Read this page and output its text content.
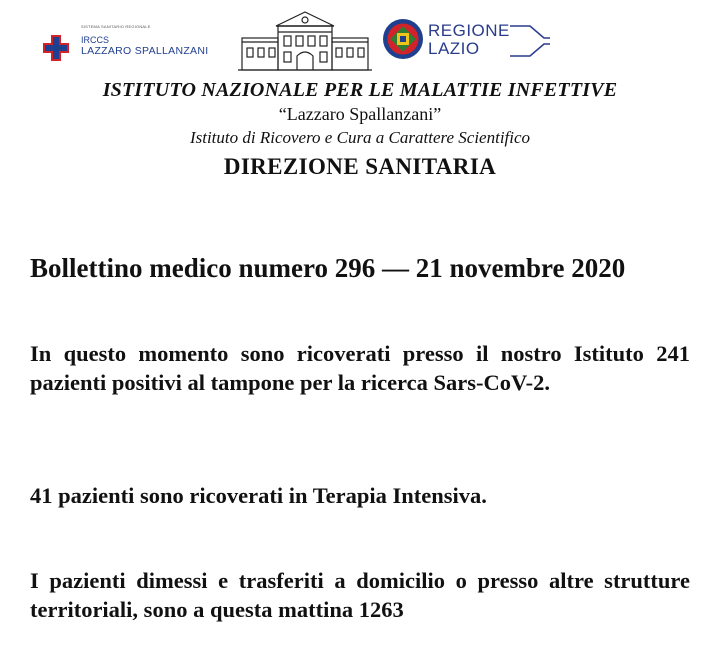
SISTEMA SANITARIO REGIONALE
IRCCS
LAZZARO SPALLANZANI
REGIONE
LAZIO
ISTITUTO NAZIONALE PER LE MALATTIE INFETTIVE
“Lazzaro Spallanzani”
Istituto di Ricovero e Cura a Carattere Scientifico
DIREZIONE SANITARIA
Bollettino medico numero 296 — 21 novembre 2020
In questo momento sono ricoverati presso il nostro Istituto 241 pazienti positivi al tampone per la ricerca Sars-CoV-2.
41 pazienti sono ricoverati in Terapia Intensiva.
I pazienti dimessi e trasferiti a domicilio o presso altre strutture territoriali, sono a questa mattina 1263
